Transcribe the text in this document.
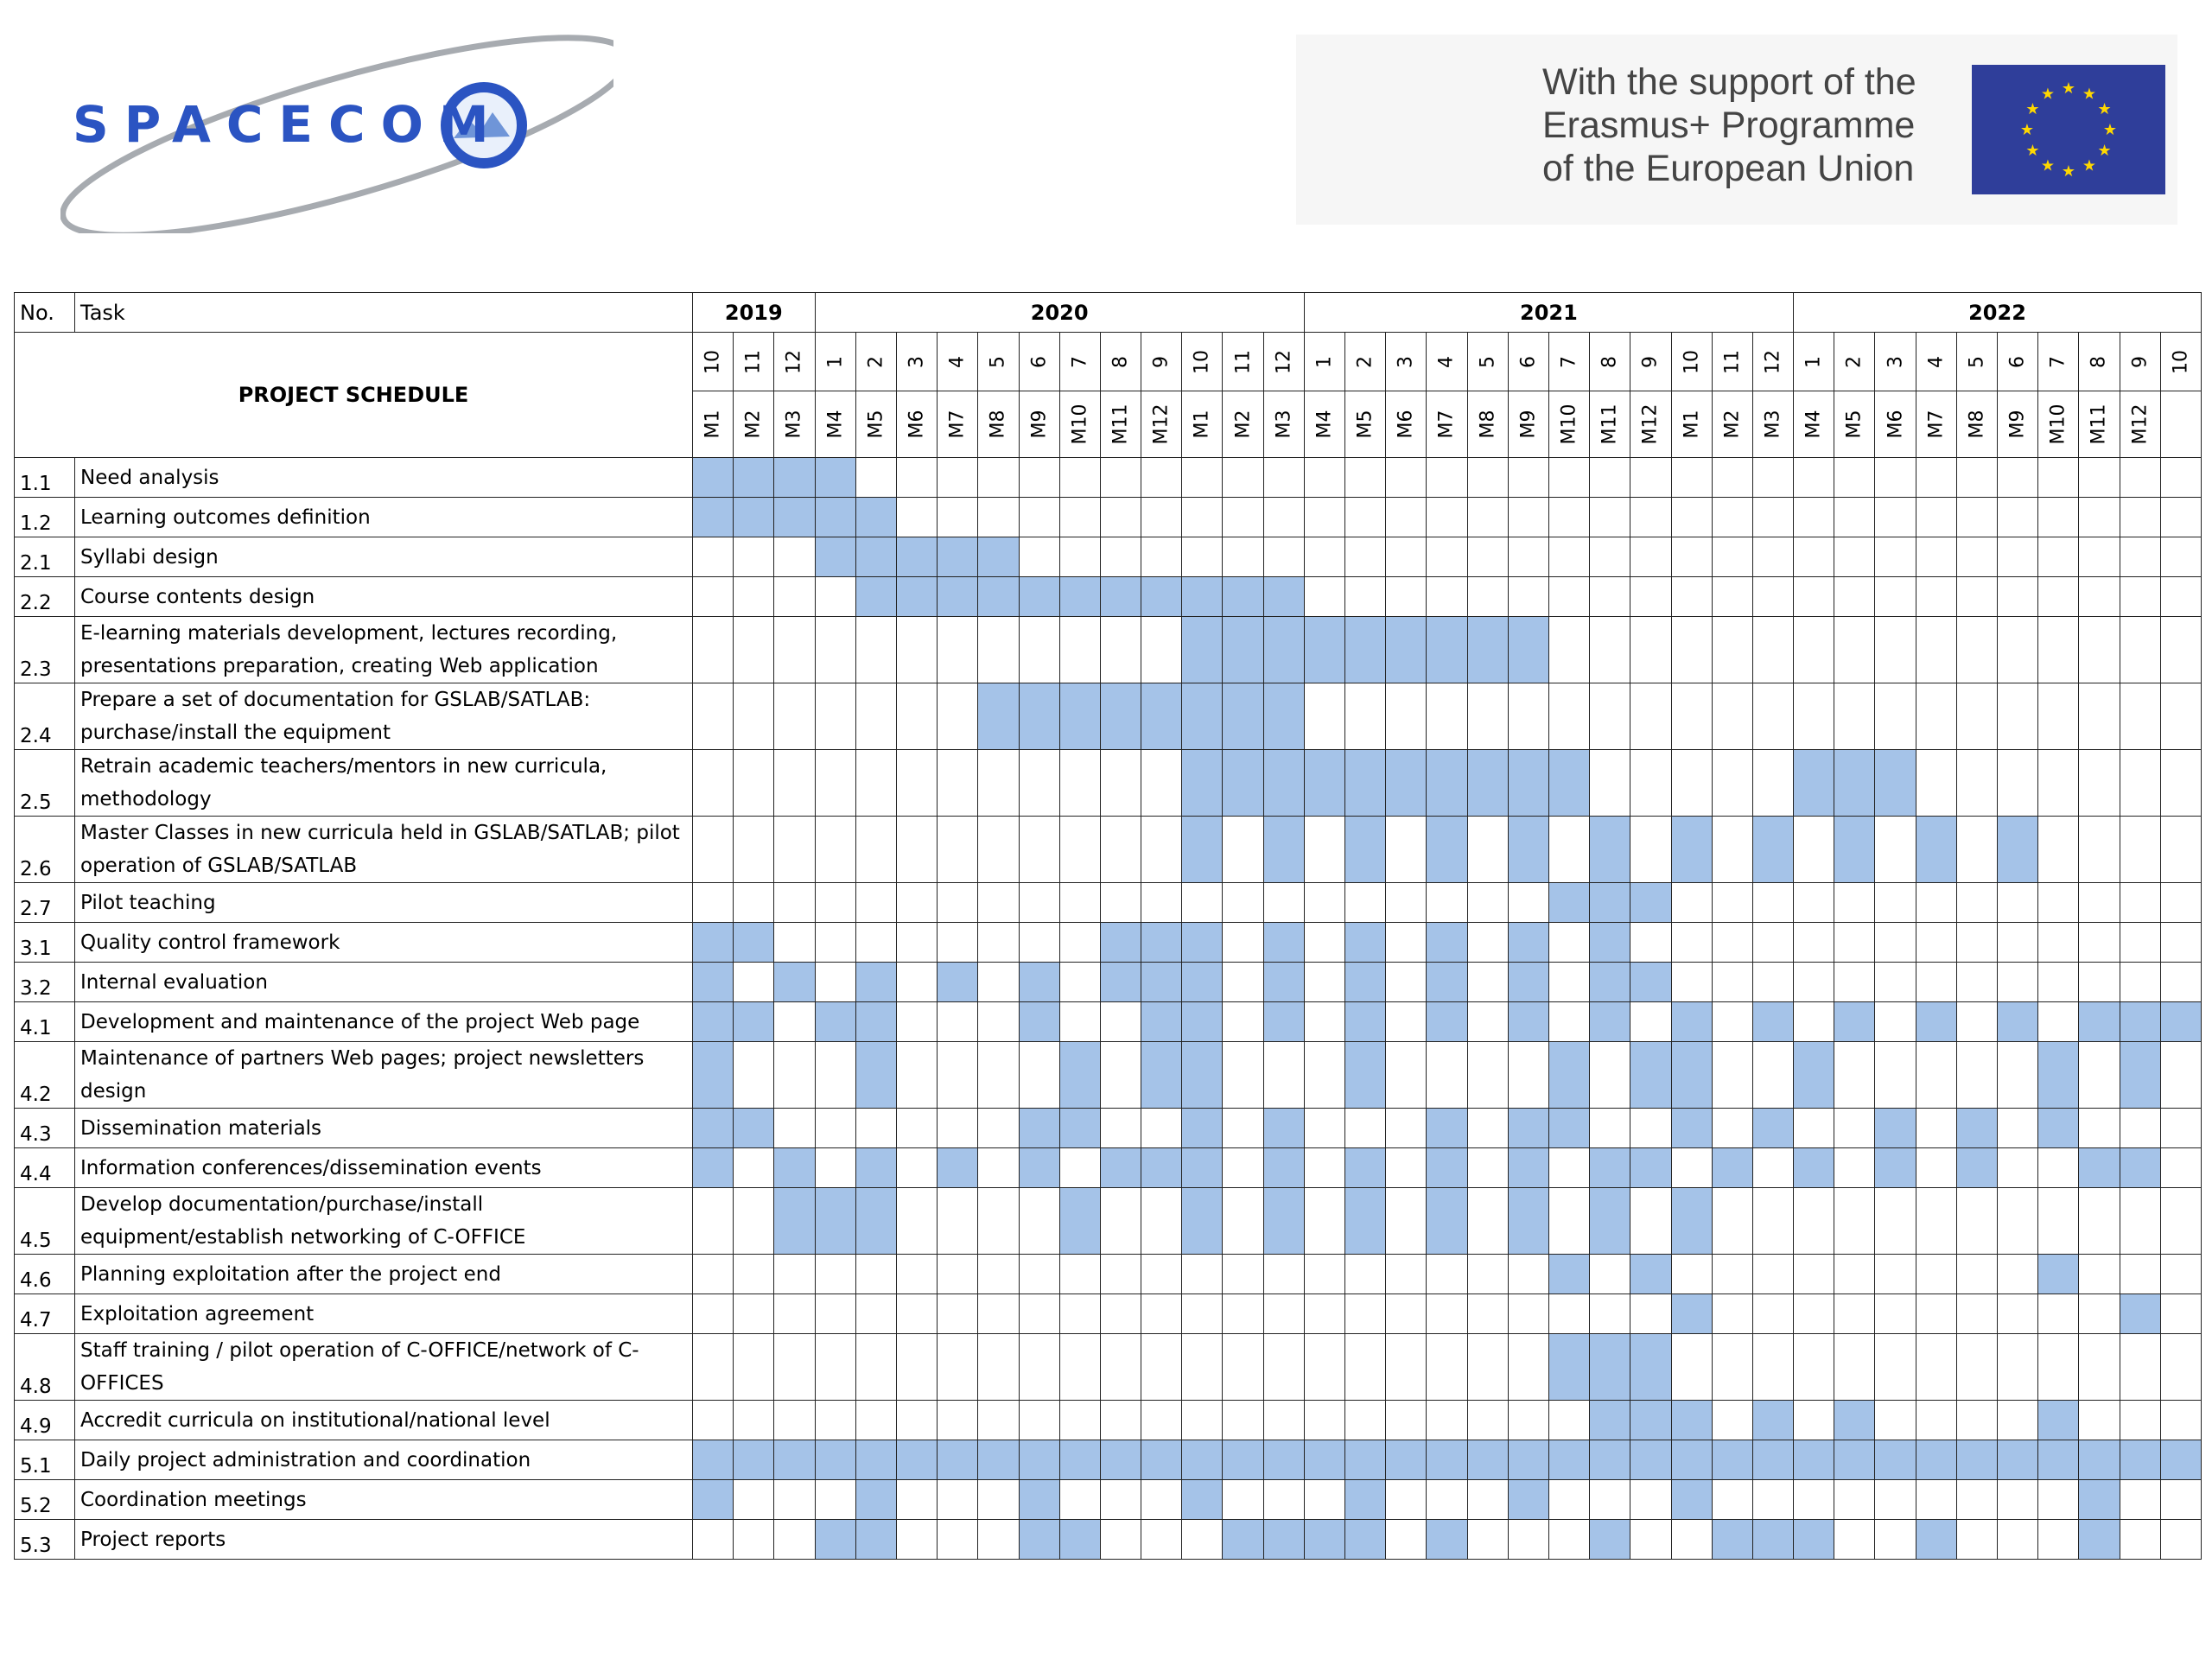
SPACECOM
With the support of the
Erasmus+ Programme
of the European Union
★ ★
★
★
★
★
★
★
★
★
★
★
No.	Task	2019			2020												2021												2022									
PROJECT SCHEDULE		10	11	12	1	2	3	4	5	6	7	8	9	10	11	12	1	2	3	4	5	6	7	8	9	10	11	12	1	2	3	4	5	6	7	8	9	10

		M1	M2	M3	M4	M5	M6	M7	M8	M9	M10	M11	M12	M1	M2	M3	M4	M5	M6	M7	M8	M9	M10	M11	M12	M1	M2	M3	M4	M5	M6	M7	M8	M9	M10	M11	M12	

1.1	Need analysis																																					
1.2	Learning outcomes definition																																					
2.1	Syllabi design																																					
2.2	Course contents design																																					
2.3	E-learning materials development, lectures recording, presentations preparation, creating Web application																																					
2.4	Prepare a set of documentation for GSLAB/SATLAB: purchase/install the equipment																																					
2.5	Retrain academic teachers/mentors in new curricula, methodology																																					
2.6	Master Classes in new curricula held in GSLAB/SATLAB; pilot operation of GSLAB/SATLAB																																					
2.7	Pilot teaching																																					
3.1	Quality control framework																																					
3.2	Internal evaluation																																					
4.1	Development and maintenance of the project Web page																																					
4.2	Maintenance of partners Web pages; project newsletters design																																					
4.3	Dissemination materials																																					
4.4	Information conferences/dissemination events																																					
4.5	Develop documentation/purchase/install equipment/establish networking of C-OFFICE																																					
4.6	Planning exploitation after the project end																																					
4.7	Exploitation agreement																																					
4.8	Staff training / pilot operation of C-OFFICE/network of C-OFFICES																																					
4.9	Accredit curricula on institutional/national level																																					
5.1	Daily project administration and coordination																																					
5.2	Coordination meetings																																					
5.3	Project reports																																					
